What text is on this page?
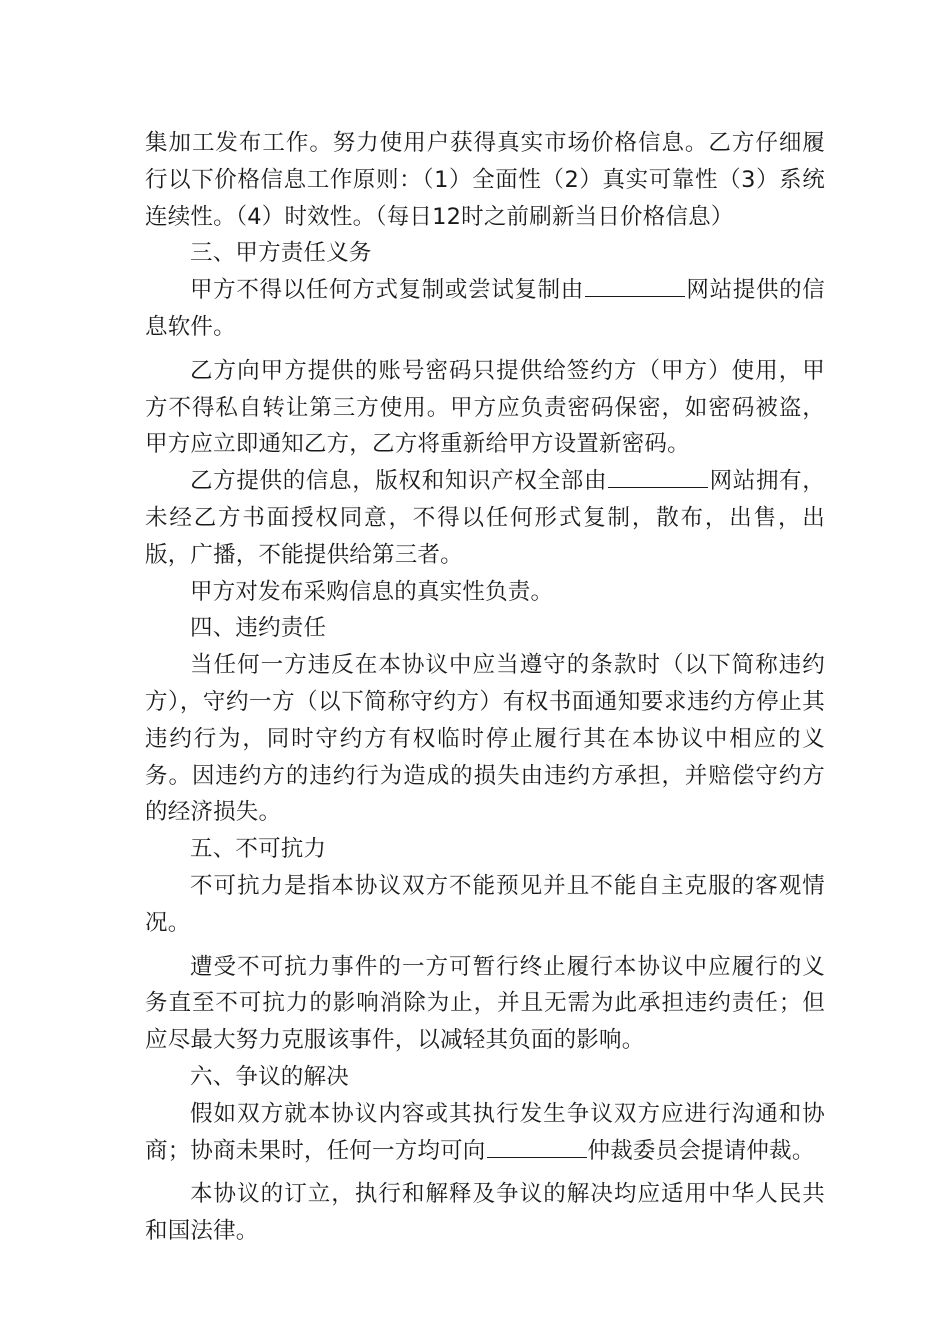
集加工发布工作。努力使用户获得真实市场价格信息。乙方仔细履行以下价格信息工作原则：（1）全面性（2）真实可靠性（3）系统连续性。（4）时效性。（每日12时之前刷新当日价格信息）

三、甲方责任义务

甲方不得以任何方式复制或尝试复制由	网站提供的信息软件。

乙方向甲方提供的账号密码只提供给签约方（甲方）使用，甲方不得私自转让第三方使用。甲方应负责密码保密，如密码被盗，甲方应立即通知乙方，乙方将重新给甲方设置新密码。

乙方提供的信息，版权和知识产权全部由	网站拥有，未经乙方书面授权同意，不得以任何形式复制，散布，出售，出版，广播，不能提供给第三者。

甲方对发布采购信息的真实性负责。

四、违约责任

当任何一方违反在本协议中应当遵守的条款时（以下简称违约方），守约一方（以下简称守约方）有权书面通知要求违约方停止其违约行为，同时守约方有权临时停止履行其在本协议中相应的义务。因违约方的违约行为造成的损失由违约方承担，并赔偿守约方的经济损失。

五、不可抗力

不可抗力是指本协议双方不能预见并且不能自主克服的客观情况。

遭受不可抗力事件的一方可暂行终止履行本协议中应履行的义务直至不可抗力的影响消除为止，并且无需为此承担违约责任；但应尽最大努力克服该事件，以减轻其负面的影响。

六、争议的解决

假如双方就本协议内容或其执行发生争议双方应进行沟通和协商；协商未果时，任何一方均可向	仲裁委员会提请仲裁。

本协议的订立，执行和解释及争议的解决均应适用中华人民共和国法律。
